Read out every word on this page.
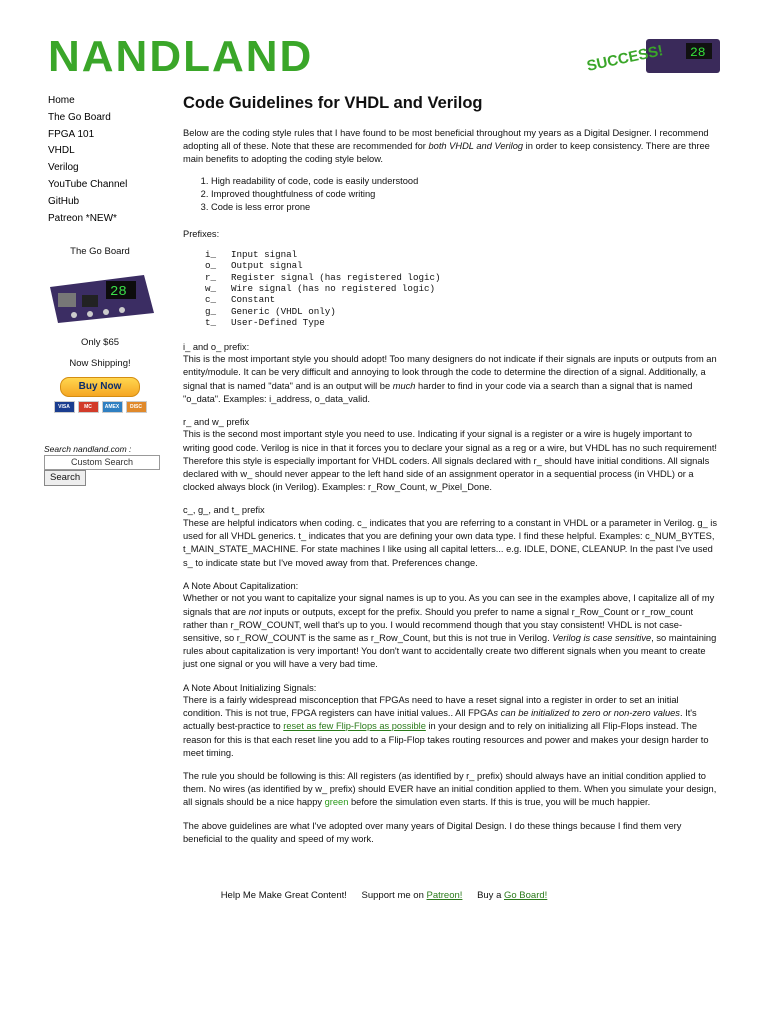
NANDLAND	28
SUCCESS!
Home
The Go Board
FPGA 101
VHDL
Verilog
YouTube Channel
GitHub
Patreon *NEW*
The Go Board
28
Only $65
Now Shipping!
Buy Now
VISA	MC	AMEX	DISC
Search nandland.com :
Custom Search
Search
Code Guidelines for VHDL and Verilog

Below are the coding style rules that I have found to be most beneficial throughout my years as a Digital Designer. I recommend adopting all of these. Note that these are recommended for both VHDL and Verilog in order to keep consistency. There are three main benefits to adopting the coding style below.

1. High readability of code, code is easily understood
2. Improved thoughtfulness of code writing
3. Code is less error prone

Prefixes:

i_ Input signal
o_ Output signal
r_ Register signal (has registered logic)
w_ Wire signal (has no registered logic)
c_ Constant
g_ Generic (VHDL only)
t_ User-Defined Type

i_ and o_ prefix:

This is the most important style you should adopt! Too many designers do not indicate if their signals are inputs or outputs from an entity/module. It can be very difficult and annoying to look through the code to determine the direction of a signal. Additionally, a signal that is named "data" and is an output will be much harder to find in your code via a search than a signal that is named "o_data". Examples: i_address, o_data_valid.

r_ and w_ prefix

This is the second most important style you need to use. Indicating if your signal is a register or a wire is hugely important to writing good code. Verilog is nice in that it forces you to declare your signal as a reg or a wire, but VHDL has no such requirement! Therefore this style is especially important for VHDL coders. All signals declared with r_ should have initial conditions. All signals declared with w_ should never appear to the left hand side of an assignment operator in a sequential process (in VHDL) or a clocked always block (in Verilog). Examples: r_Row_Count, w_Pixel_Done.

c_, g_, and t_ prefix

These are helpful indicators when coding. c_ indicates that you are referring to a constant in VHDL or a parameter in Verilog. g_ is used for all VHDL generics. t_ indicates that you are defining your own data type. I find these helpful. Examples: c_NUM_BYTES, t_MAIN_STATE_MACHINE. For state machines I like using all capital letters... e.g. IDLE, DONE, CLEANUP. In the past I've used s_ to indicate state but I've moved away from that. Preferences change.

A Note About Capitalization:

Whether or not you want to capitalize your signal names is up to you. As you can see in the examples above, I capitalize all of my signals that are not inputs or outputs, except for the prefix. Should you prefer to name a signal r_Row_Count or r_row_count rather than r_ROW_COUNT, well that's up to you. I would recommend though that you stay consistent! VHDL is not case-sensitive, so r_ROW_COUNT is the same as r_Row_Count, but this is not true in Verilog. Verilog is case sensitive, so maintaining rules about capitalization is very important! You don't want to accidentally create two different signals when you meant to create just one signal or you will have a very bad time.

A Note About Initializing Signals:

There is a fairly widespread misconception that FPGAs need to have a reset signal into a register in order to set an initial condition. This is not true, FPGA registers can have initial values.. All FPGAs can be initialized to zero or non-zero values. It's actually best-practice to reset as few Flip-Flops as possible in your design and to rely on initializing all Flip-Flops instead. The reason for this is that each reset line you add to a Flip-Flop takes routing resources and power and makes your design harder to meet timing.

The rule you should be following is this: All registers (as identified by r_ prefix) should always have an initial condition applied to them. No wires (as identified by w_ prefix) should EVER have an initial condition applied to them. When you simulate your design, all signals should be a nice happy green before the simulation even starts. If this is true, you will be much happier.

The above guidelines are what I've adopted over many years of Digital Design. I do these things because I find them very beneficial to the quality and speed of my work.

Help Me Make Great Content! Support me on Patreon! Buy a Go Board!
